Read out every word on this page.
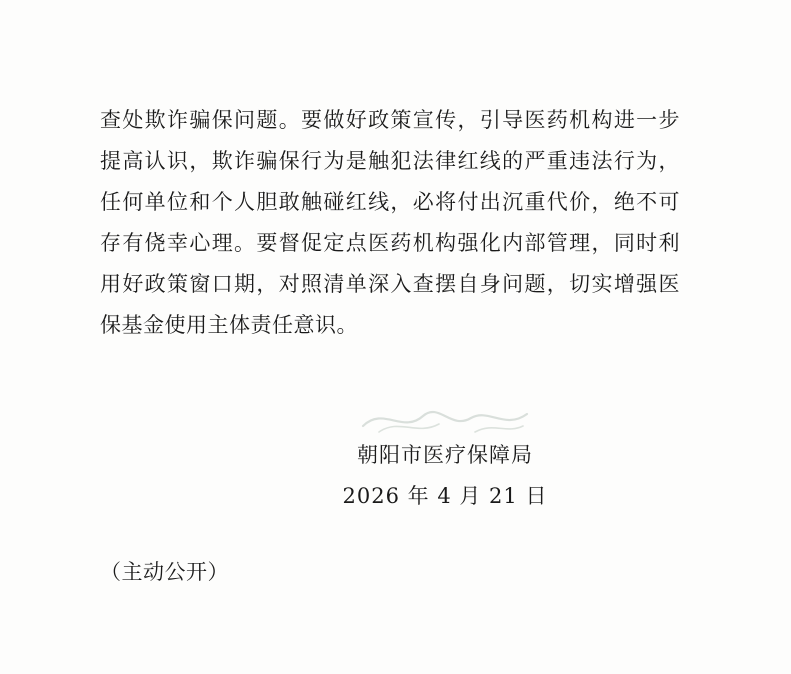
查处欺诈骗保问题。要做好政策宣传，引导医药机构进一步提高认识，欺诈骗保行为是触犯法律红线的严重违法行为，任何单位和个人胆敢触碰红线，必将付出沉重代价，绝不可存有侥幸心理。要督促定点医药机构强化内部管理，同时利用好政策窗口期，对照清单深入查摆自身问题，切实增强医保基金使用主体责任意识。

朝阳市医疗保障局
2026 年 4 月 21 日
（主动公开）
